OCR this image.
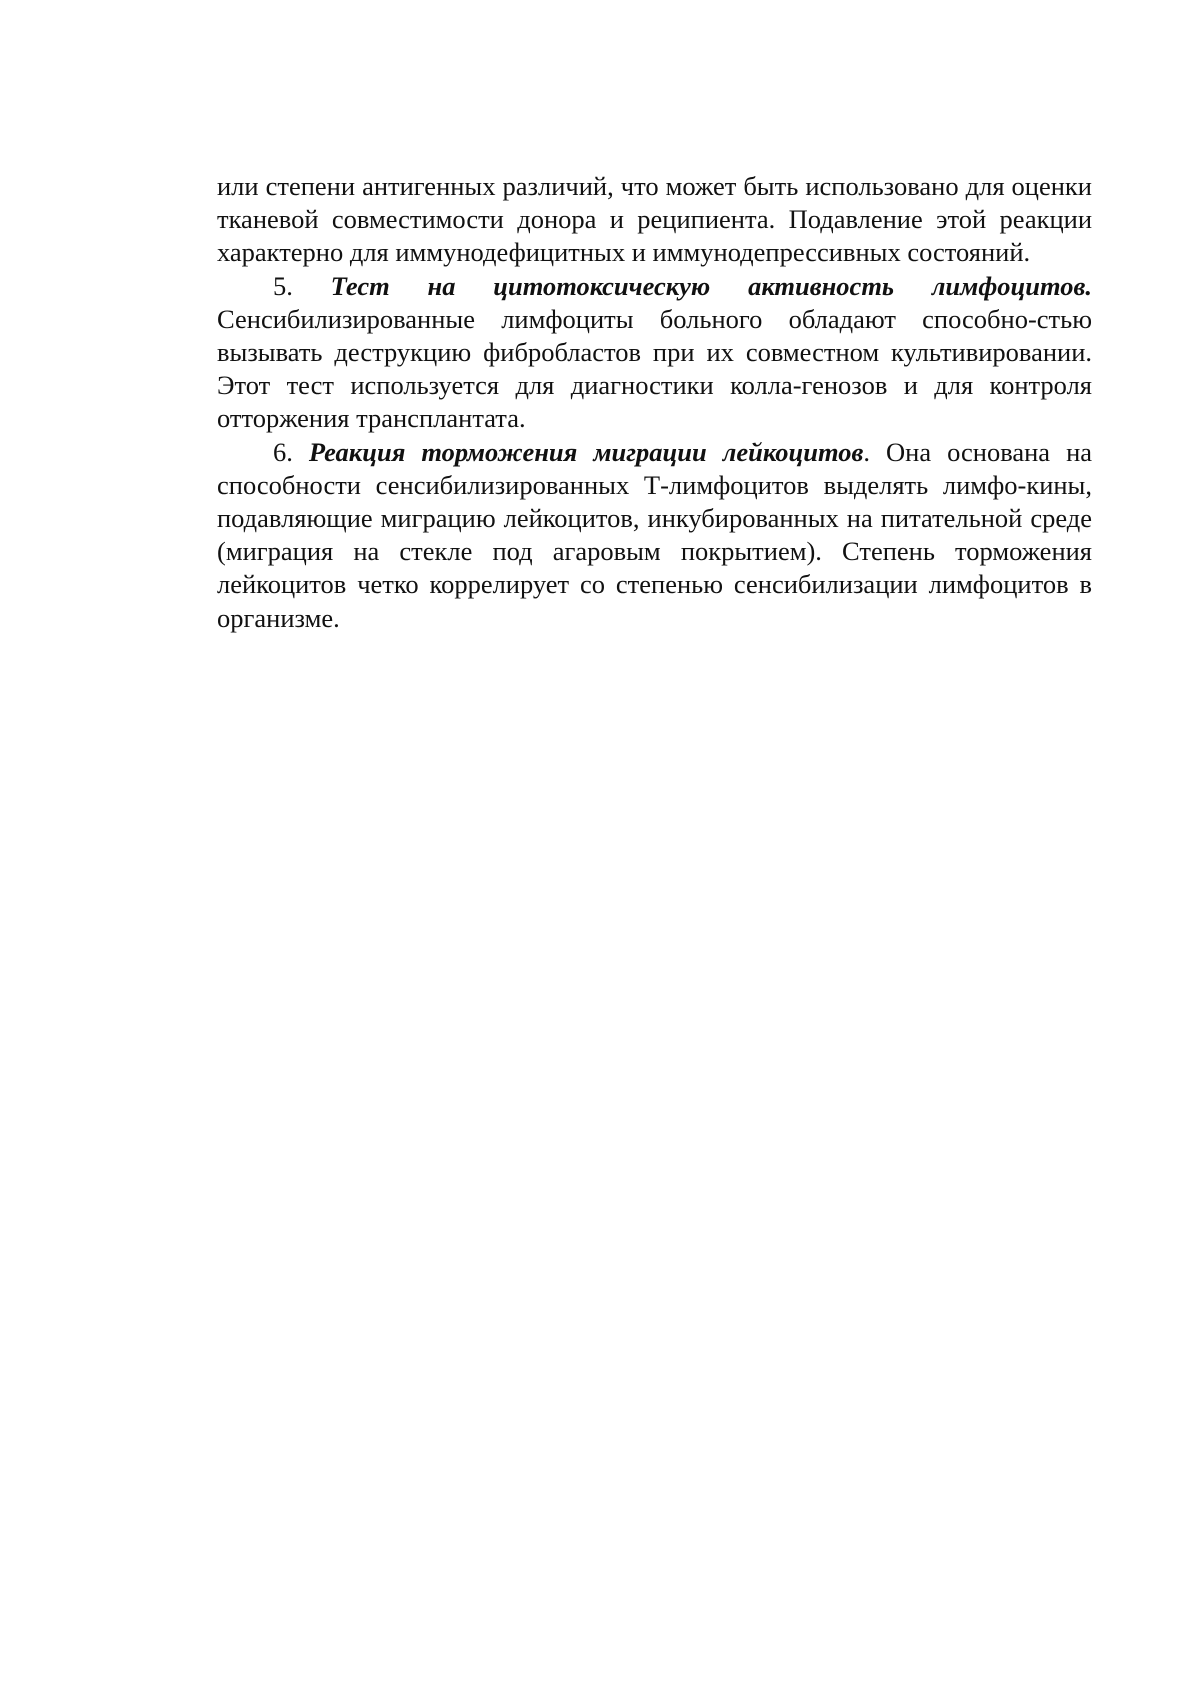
или степени антигенных различий, что может быть использовано для оценки тканевой совместимости донора и реципиента. Подавление этой реакции характерно для иммунодефицитных и иммунодепрессивных состояний.

5. Тест на цитотоксическую активность лимфоцитов. Сенсибилизированные лимфоциты больного обладают способно-стью вызывать деструкцию фибробластов при их совместном культивировании. Этот тест используется для диагностики колла-генозов и для контроля отторжения трансплантата.

6. Реакция торможения миграции лейкоцитов. Она основана на способности сенсибилизированных Т-лимфоцитов выделять лимфо-кины, подавляющие миграцию лейкоцитов, инкубированных на питательной среде (миграция на стекле под агаровым покрытием). Степень торможения лейкоцитов четко коррелирует со степенью сенсибилизации лимфоцитов в организме.
